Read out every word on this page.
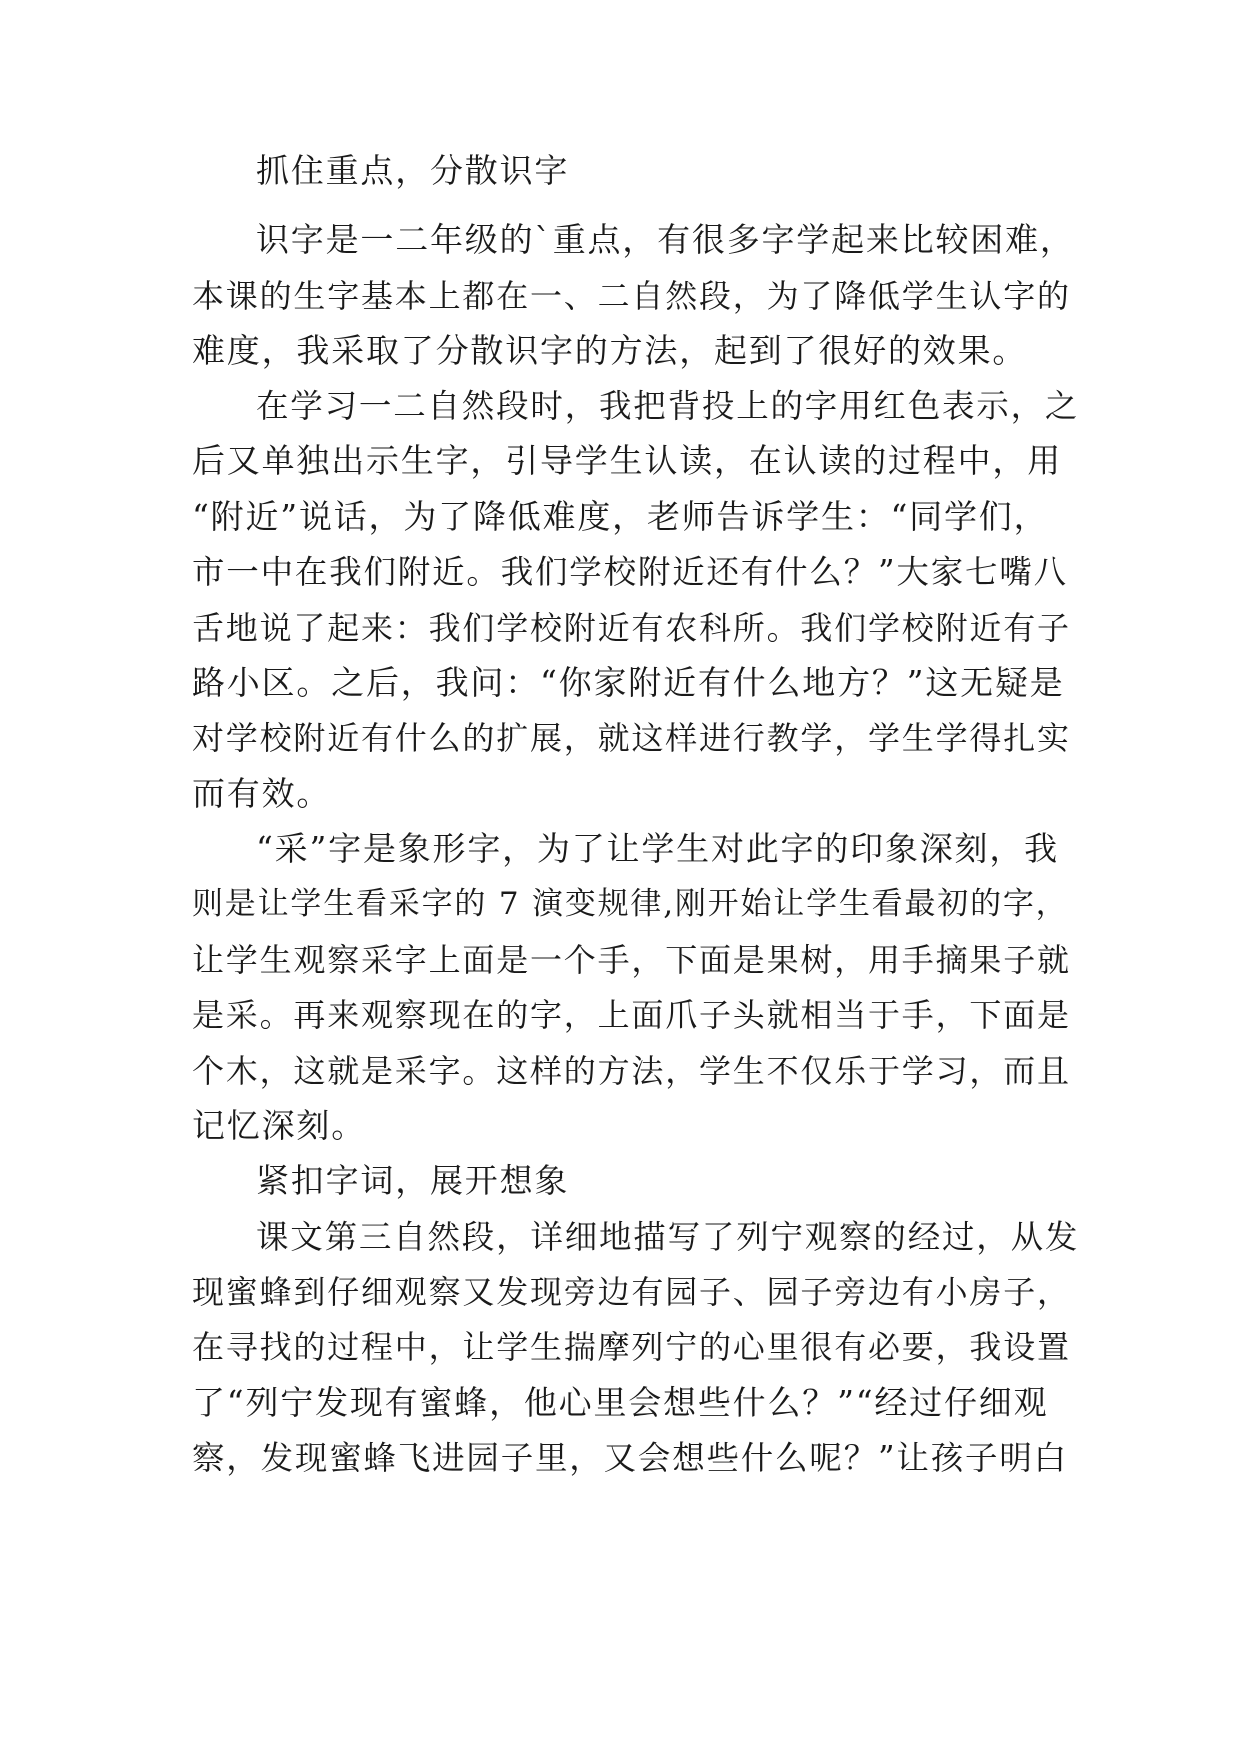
抓住重点，分散识字
识字是一二年级的`重点，有很多字学起来比较困难，
本课的生字基本上都在一、二自然段，为了降低学生认字的
难度，我采取了分散识字的方法，起到了很好的效果。
在学习一二自然段时，我把背投上的字用红色表示，之
后又单独出示生字，引导学生认读，在认读的过程中，用
“附近”说话，为了降低难度，老师告诉学生：“同学们，
市一中在我们附近。我们学校附近还有什么？”大家七嘴八
舌地说了起来：我们学校附近有农科所。我们学校附近有子
路小区。之后，我问：“你家附近有什么地方？”这无疑是
对学校附近有什么的扩展，就这样进行教学，学生学得扎实
而有效。
“采”字是象形字，为了让学生对此字的印象深刻，我
则是让学生看采字的 7 演变规律,刚开始让学生看最初的字，
让学生观察采字上面是一个手，下面是果树，用手摘果子就
是采。再来观察现在的字，上面爪子头就相当于手，下面是
个木，这就是采字。这样的方法，学生不仅乐于学习，而且
记忆深刻。
紧扣字词，展开想象
课文第三自然段，详细地描写了列宁观察的经过，从发
现蜜蜂到仔细观察又发现旁边有园子、园子旁边有小房子，
在寻找的过程中，让学生揣摩列宁的心里很有必要，我设置
了“列宁发现有蜜蜂，他心里会想些什么？”“经过仔细观
察，发现蜜蜂飞进园子里，又会想些什么呢？”让孩子明白
